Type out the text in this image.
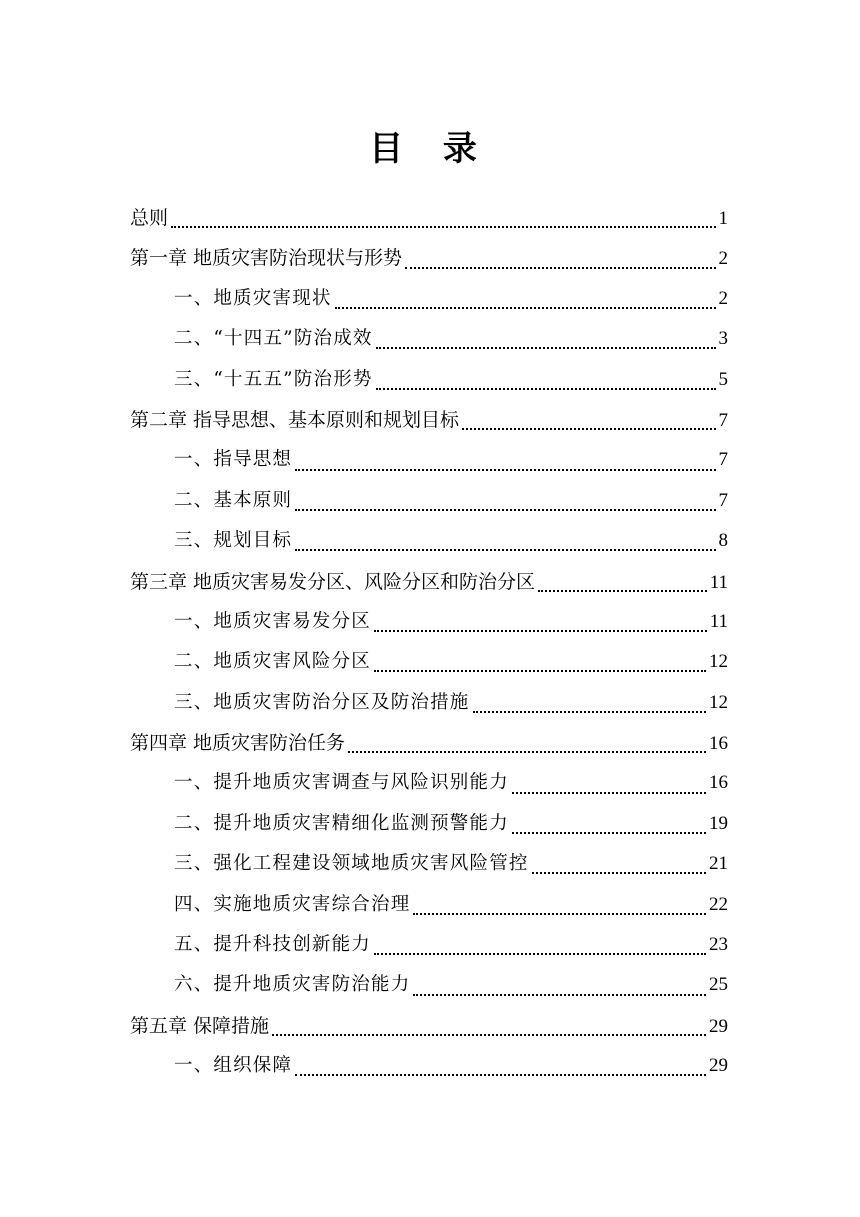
目 录
总则	1
第一章 地质灾害防治现状与形势	2
一、地质灾害现状	2
二、“十四五”防治成效	3
三、“十五五”防治形势	5
第二章 指导思想、基本原则和规划目标	7
一、指导思想	7
二、基本原则	7
三、规划目标	8
第三章 地质灾害易发分区、风险分区和防治分区	11
一、地质灾害易发分区	11
二、地质灾害风险分区	12
三、地质灾害防治分区及防治措施	12
第四章 地质灾害防治任务	16
一、提升地质灾害调查与风险识别能力	16
二、提升地质灾害精细化监测预警能力	19
三、强化工程建设领域地质灾害风险管控	21
四、实施地质灾害综合治理	22
五、提升科技创新能力	23
六、提升地质灾害防治能力	25
第五章 保障措施	29
一、组织保障	29
